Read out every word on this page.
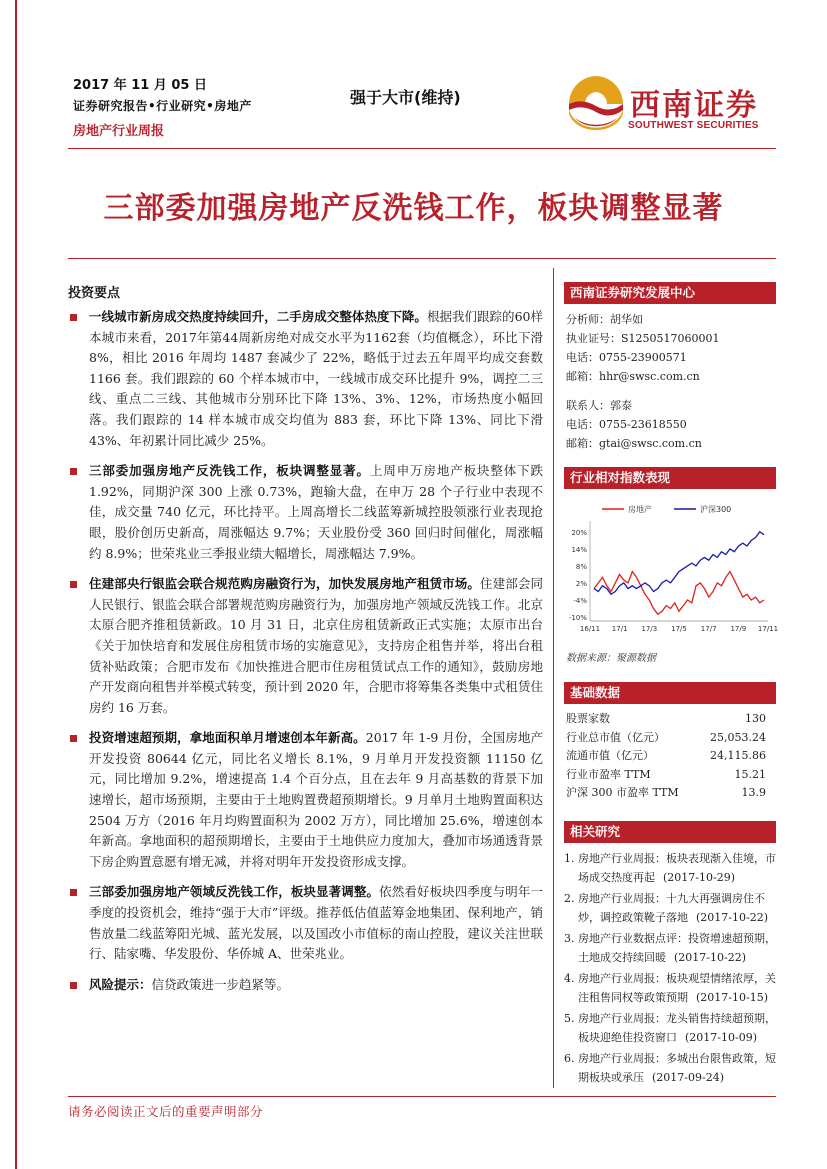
2017 年 11 月 05 日
证券研究报告•行业研究•房地产
房地产行业周报
强于大市(维持)	西南证券
SOUTHWEST SECURITIES
三部委加强房地产反洗钱工作，板块调整显著
投资要点
一线城市新房成交热度持续回升，二手房成交整体热度下降。根据我们跟踪的60样本城市来看，2017年第44周新房绝对成交水平为1162套（均值概念），环比下滑 8%，相比 2016 年周均 1487 套减少了 22%，略低于过去五年周平均成交套数 1166 套。我们跟踪的 60 个样本城市中，一线城市成交环比提升 9%，调控二三线、重点二三线、其他城市分别环比下降 13%、3%、12%，市场热度小幅回落。我们跟踪的 14 样本城市成交均值为 883 套，环比下降 13%、同比下滑 43%、年初累计同比减少 25%。
三部委加强房地产反洗钱工作，板块调整显著。上周申万房地产板块整体下跌 1.92%，同期沪深 300 上涨 0.73%，跑输大盘，在申万 28 个子行业中表现不佳，成交量 740 亿元，环比持平。上周高增长二线蓝筹新城控股领涨行业表现抢眼，股价创历史新高，周涨幅达 9.7%；天业股份受 360 回归时间催化，周涨幅约 8.9%；世荣兆业三季报业绩大幅增长，周涨幅达 7.9%。
住建部央行银监会联合规范购房融资行为，加快发展房地产租赁市场。住建部会同人民银行、银监会联合部署规范购房融资行为，加强房地产领域反洗钱工作。北京太原合肥齐推租赁新政。10 月 31 日，北京住房租赁新政正式实施；太原市出台《关于加快培育和发展住房租赁市场的实施意见》，支持房企租售并举，将出台租赁补贴政策；合肥市发布《加快推进合肥市住房租赁试点工作的通知》，鼓励房地产开发商向租售并举模式转变，预计到 2020 年，合肥市将筹集各类集中式租赁住房约 16 万套。
投资增速超预期，拿地面积单月增速创本年新高。2017 年 1-9 月份，全国房地产开发投资 80644 亿元，同比名义增长 8.1%，9 月单月开发投资额 11150 亿元，同比增加 9.2%，增速提高 1.4 个百分点，且在去年 9 月高基数的背景下加速增长，超市场预期，主要由于土地购置费超预期增长。9 月单月土地购置面积达 2504 万方（2016 年月均购置面积为 2002 万方），同比增加 25.6%，增速创本年新高。拿地面积的超预期增长，主要由于土地供应力度加大，叠加市场通透背景下房企购置意愿有增无减，并将对明年开发投资形成支撑。
三部委加强房地产领域反洗钱工作，板块显著调整。依然看好板块四季度与明年一季度的投资机会，维持“强于大市”评级。推荐低估值蓝筹金地集团、保利地产，销售放量二线蓝筹阳光城、蓝光发展，以及国改小市值标的南山控股，建议关注世联行、陆家嘴、华发股份、华侨城 A、世荣兆业。
风险提示：信贷政策进一步趋紧等。
西南证券研究发展中心
分析师：胡华如
执业证号：S1250517060001
电话：0755-23900571
邮箱：hhr@swsc.com.cn
联系人：郭泰
电话：0755-23618550
邮箱：gtai@swsc.com.cn
行业相对指数表现
房地产	沪深300
20%
14%
8%
2%
-4%
-10%
16/11 17/1 17/3 17/5 17/7 17/9 17/11
数据来源：聚源数据
基础数据
股票家数	130
行业总市值（亿元）	25,053.24
流通市值（亿元）	24,115.86
行业市盈率 TTM	15.21
沪深 300 市盈率 TTM	13.9
相关研究
1. 房地产行业周报：板块表现渐入佳境，市场成交热度再起 (2017-10-29)
2. 房地产行业周报：十九大再强调房住不炒，调控政策靴子落地 (2017-10-22)
3. 房地产行业数据点评：投资增速超预期，土地成交持续回暖 (2017-10-22)
4. 房地产行业周报：板块观望情绪浓厚，关注租售同权等政策预期 (2017-10-15)
5. 房地产行业周报：龙头销售持续超预期，板块迎绝佳投资窗口 (2017-10-09)
6. 房地产行业周报：多城出台限售政策，短期板块或承压 (2017-09-24)
请务必阅读正文后的重要声明部分
